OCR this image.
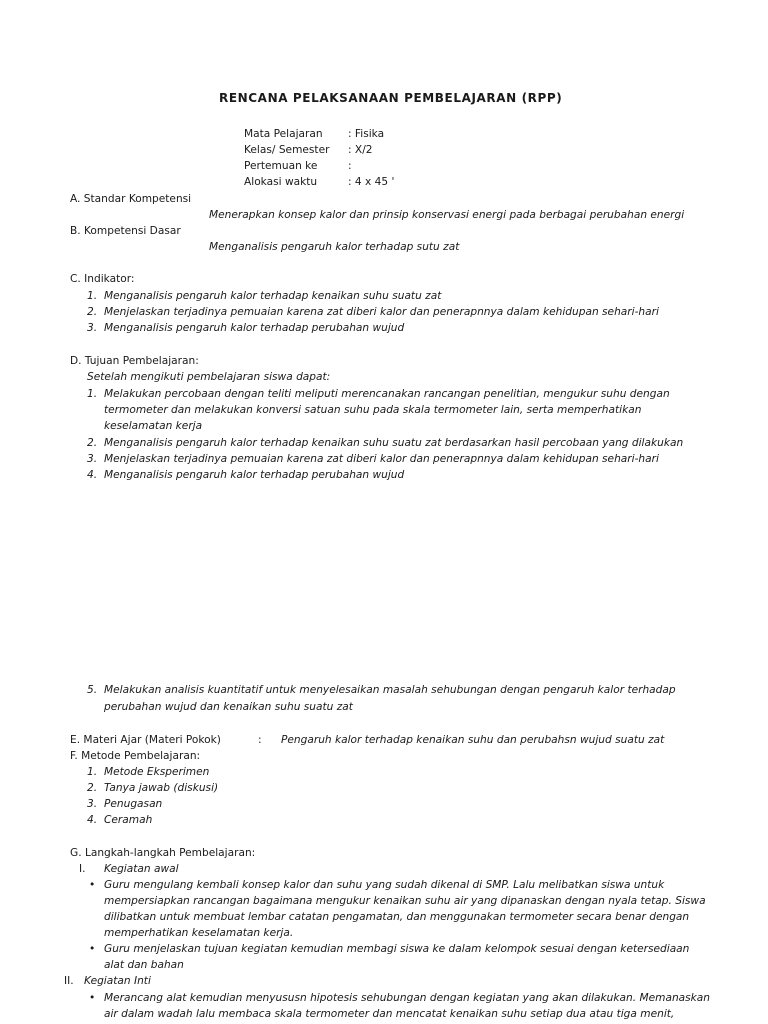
RENCANA PELAKSANAAN PEMBELAJARAN (RPP)
Mata Pelajaran : Fisika
Kelas/ Semester : X/2
Pertemuan ke	:
Alokasi waktu	: 4 x 45 '
A. Standar Kompetensi
Menerapkan konsep kalor dan prinsip konservasi energi pada berbagai perubahan energi
B. Kompetensi Dasar
Menganalisis pengaruh kalor terhadap sutu zat
C. Indikator:
1. Menganalisis pengaruh kalor terhadap kenaikan suhu suatu zat
2. Menjelaskan terjadinya pemuaian karena zat diberi kalor dan penerapnnya dalam kehidupan sehari-hari
3. Menganalisis pengaruh kalor terhadap perubahan wujud
D. Tujuan Pembelajaran:
Setelah mengikuti pembelajaran siswa dapat:
1. Melakukan percobaan dengan teliti meliputi merencanakan rancangan penelitian, mengukur suhu dengan
termometer dan melakukan konversi satuan suhu pada skala termometer lain, serta memperhatikan
keselamatan kerja
2. Menganalisis pengaruh kalor terhadap kenaikan suhu suatu zat berdasarkan hasil percobaan yang dilakukan
3. Menjelaskan terjadinya pemuaian karena zat diberi kalor dan penerapnnya dalam kehidupan sehari-hari
4. Menganalisis pengaruh kalor terhadap perubahan wujud
5. Melakukan analisis kuantitatif untuk menyelesaikan masalah sehubungan dengan pengaruh kalor terhadap
perubahan wujud dan kenaikan suhu suatu zat
E. Materi Ajar (Materi Pokok)	: Pengaruh kalor terhadap kenaikan suhu dan perubahsn wujud suatu zat
F. Metode Pembelajaran:
1. Metode Eksperimen
2. Tanya jawab (diskusi)
3. Penugasan
4. Ceramah
G. Langkah-langkah Pembelajaran:
I. Kegiatan awal
• Guru mengulang kembali konsep kalor dan suhu yang sudah dikenal di SMP. Lalu melibatkan siswa untuk
mempersiapkan rancangan bagaimana mengukur kenaikan suhu air yang dipanaskan dengan nyala tetap. Siswa
dilibatkan untuk membuat lembar catatan pengamatan, dan menggunakan termometer secara benar dengan
memperhatikan keselamatan kerja.
• Guru menjelaskan tujuan kegiatan kemudian membagi siswa ke dalam kelompok sesuai dengan ketersediaan
alat dan bahan
II. Kegiatan Inti
• Merancang alat kemudian menyususn hipotesis sehubungan dengan kegiatan yang akan dilakukan. Memanaskan
air dalam wadah lalu membaca skala termometer dan mencatat kenaikan suhu setiap dua atau tiga menit,
